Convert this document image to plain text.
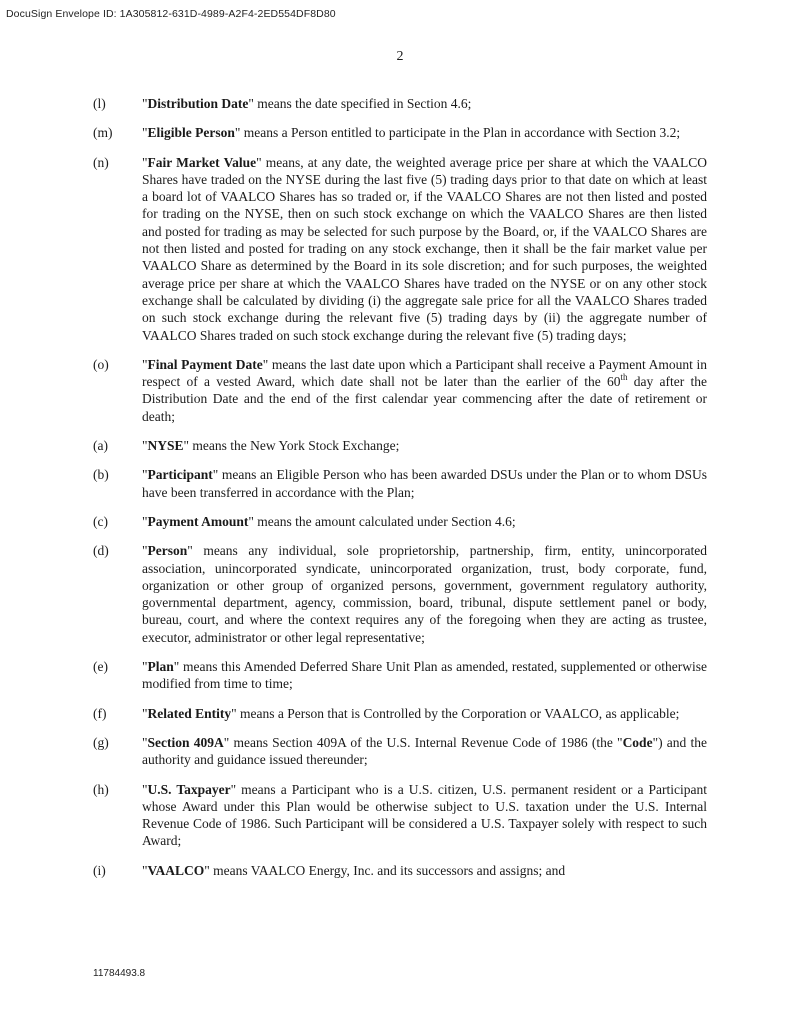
DocuSign Envelope ID: 1A305812-631D-4989-A2F4-2ED554DF8D80
2
(l)	"Distribution Date" means the date specified in Section 4.6;
(m)	"Eligible Person" means a Person entitled to participate in the Plan in accordance with Section 3.2;
(n)	"Fair Market Value" means, at any date, the weighted average price per share at which the VAALCO Shares have traded on the NYSE during the last five (5) trading days prior to that date on which at least a board lot of VAALCO Shares has so traded or, if the VAALCO Shares are not then listed and posted for trading on the NYSE, then on such stock exchange on which the VAALCO Shares are then listed and posted for trading as may be selected for such purpose by the Board, or, if the VAALCO Shares are not then listed and posted for trading on any stock exchange, then it shall be the fair market value per VAALCO Share as determined by the Board in its sole discretion; and for such purposes, the weighted average price per share at which the VAALCO Shares have traded on the NYSE or on any other stock exchange shall be calculated by dividing (i) the aggregate sale price for all the VAALCO Shares traded on such stock exchange during the relevant five (5) trading days by (ii) the aggregate number of VAALCO Shares traded on such stock exchange during the relevant five (5) trading days;
(o)	"Final Payment Date" means the last date upon which a Participant shall receive a Payment Amount in respect of a vested Award, which date shall not be later than the earlier of the 60th day after the Distribution Date and the end of the first calendar year commencing after the date of retirement or death;
(a)	"NYSE" means the New York Stock Exchange;
(b)	"Participant" means an Eligible Person who has been awarded DSUs under the Plan or to whom DSUs have been transferred in accordance with the Plan;
(c)	"Payment Amount" means the amount calculated under Section 4.6;
(d)	"Person" means any individual, sole proprietorship, partnership, firm, entity, unincorporated association, unincorporated syndicate, unincorporated organization, trust, body corporate, fund, organization or other group of organized persons, government, government regulatory authority, governmental department, agency, commission, board, tribunal, dispute settlement panel or body, bureau, court, and where the context requires any of the foregoing when they are acting as trustee, executor, administrator or other legal representative;
(e)	"Plan" means this Amended Deferred Share Unit Plan as amended, restated, supplemented or otherwise modified from time to time;
(f)	"Related Entity" means a Person that is Controlled by the Corporation or VAALCO, as applicable;
(g)	"Section 409A" means Section 409A of the U.S. Internal Revenue Code of 1986 (the "Code") and the authority and guidance issued thereunder;
(h)	"U.S. Taxpayer" means a Participant who is a U.S. citizen, U.S. permanent resident or a Participant whose Award under this Plan would be otherwise subject to U.S. taxation under the U.S. Internal Revenue Code of 1986. Such Participant will be considered a U.S. Taxpayer solely with respect to such Award;
(i)	"VAALCO" means VAALCO Energy, Inc. and its successors and assigns; and
11784493.8
